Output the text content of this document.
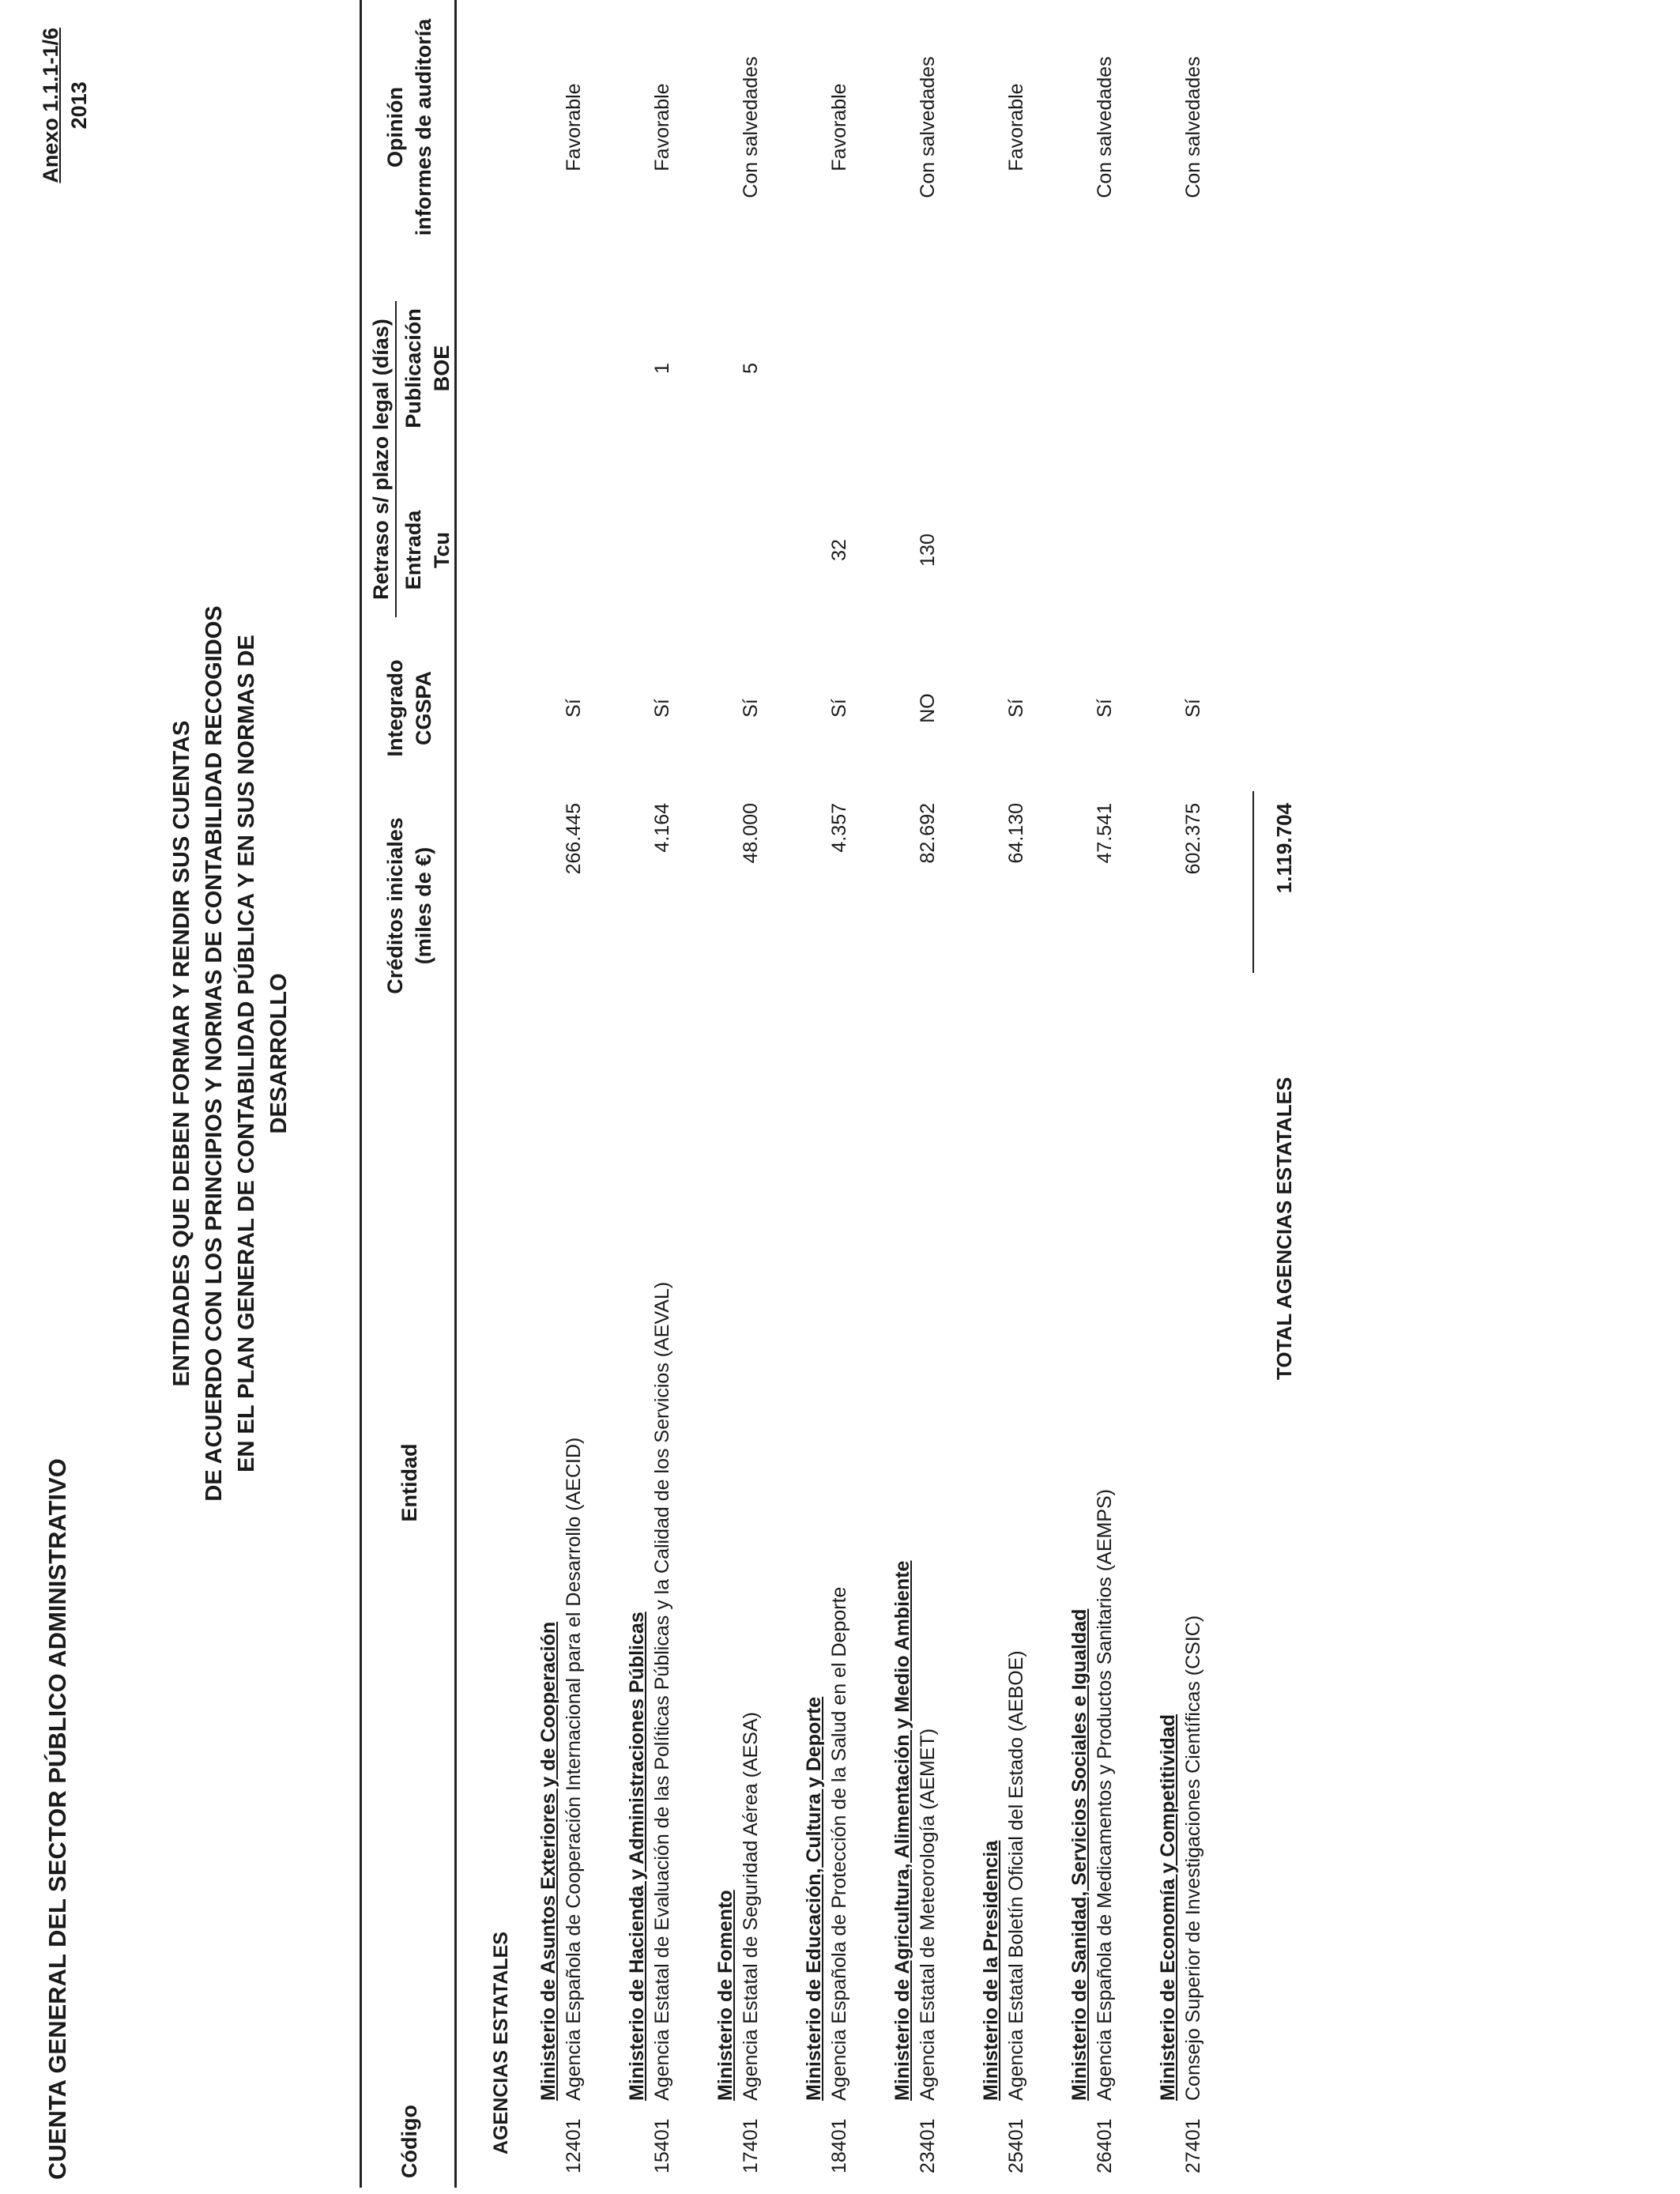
CUENTA GENERAL DEL SECTOR PÚBLICO ADMINISTRATIVO
Anexo 1.1.1-1/6 2013
ENTIDADES QUE DEBEN FORMAR Y RENDIR SUS CUENTAS DE ACUERDO CON LOS PRINCIPIOS Y NORMAS DE CONTABILIDAD RECOGIDOS EN EL PLAN GENERAL DE CONTABILIDAD PÚBLICA Y EN SUS NORMAS DE DESARROLLO
Código
Entidad
Créditos iniciales (miles de €)
Integrado CGSPA
Retraso s/ plazo legal (días) Entrada Tcu
Publicación BOE
Opinión informes de auditoría
AGENCIAS ESTATALES Ministerio de Asuntos Exteriores y de Cooperación
12401
Agencia Española de Cooperación Internacional para el Desarrollo (AECID)
266.445
Sí
Favorable
Ministerio de Hacienda y Administraciones Públicas
15401
Agencia Estatal de Evaluación de las Políticas Públicas y la Calidad de los Servicios (AEVAL)
4.164
Sí
1
Favorable
Ministerio de Fomento
17401
Agencia Estatal de Seguridad Aérea (AESA)
48.000
Sí
5
Con salvedades
Ministerio de Educación, Cultura y Deporte
18401
Agencia Española de Protección de la Salud en el Deporte
4.357
Sí
32
Favorable
Ministerio de Agricultura, Alimentación y Medio Ambiente
23401
Agencia Estatal de Meteorología (AEMET)
82.692
NO
130
Con salvedades
Ministerio de la Presidencia
25401
Agencia Estatal Boletín Oficial del Estado (AEBOE)
64.130
Sí
Favorable
Ministerio de Sanidad, Servicios Sociales e Igualdad
26401
Agencia Española de Medicamentos y Productos Sanitarios (AEMPS)
47.541
Sí
Con salvedades
Ministerio de Economía y Competitividad
27401
Consejo Superior de Investigaciones Científicas (CSIC)
602.375
Sí
Con salvedades
TOTAL AGENCIAS ESTATALES
1.119.704
